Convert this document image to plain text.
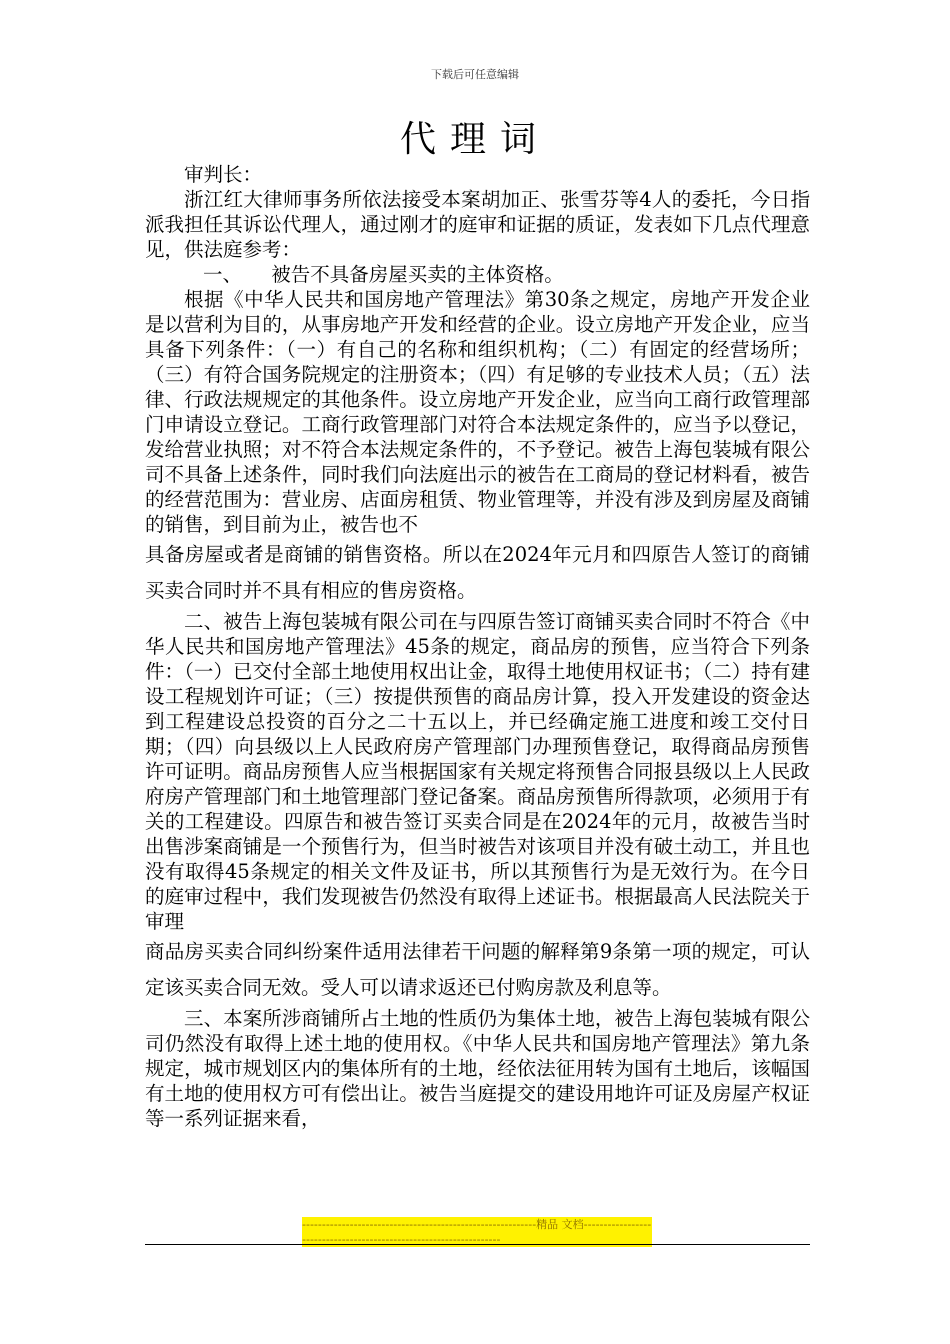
下载后可任意编辑
代理词

审判长：

浙江红大律师事务所依法接受本案胡加正、张雪芬等4人的委托，今日指派我担任其诉讼代理人，通过刚才的庭审和证据的质证，发表如下几点代理意见，供法庭参考：

一、　　被告不具备房屋买卖的主体资格。

根据《中华人民共和国房地产管理法》第30条之规定，房地产开发企业是以营利为目的，从事房地产开发和经营的企业。设立房地产开发企业，应当具备下列条件：（一）有自己的名称和组织机构；（二）有固定的经营场所；（三）有符合国务院规定的注册资本；（四）有足够的专业技术人员；（五）法律、行政法规规定的其他条件。设立房地产开发企业，应当向工商行政管理部门申请设立登记。工商行政管理部门对符合本法规定条件的，应当予以登记，发给营业执照；对不符合本法规定条件的，不予登记。被告上海包装城有限公司不具备上述条件，同时我们向法庭出示的被告在工商局的登记材料看，被告的经营范围为：营业房、店面房租赁、物业管理等，并没有涉及到房屋及商铺的销售，到目前为止，被告也不

具备房屋或者是商铺的销售资格。所以在2024年元月和四原告人签订的商铺买卖合同时并不具有相应的售房资格。

二、被告上海包装城有限公司在与四原告签订商铺买卖合同时不符合《中华人民共和国房地产管理法》45条的规定，商品房的预售，应当符合下列条件：（一）已交付全部土地使用权出让金，取得土地使用权证书；（二）持有建设工程规划许可证；（三）按提供预售的商品房计算，投入开发建设的资金达到工程建设总投资的百分之二十五以上，并已经确定施工进度和竣工交付日期；（四）向县级以上人民政府房产管理部门办理预售登记，取得商品房预售许可证明。商品房预售人应当根据国家有关规定将预售合同报县级以上人民政府房产管理部门和土地管理部门登记备案。商品房预售所得款项，必须用于有关的工程建设。四原告和被告签订买卖合同是在2024年的元月，故被告当时出售涉案商铺是一个预售行为，但当时被告对该项目并没有破土动工，并且也没有取得45条规定的相关文件及证书，所以其预售行为是无效行为。在今日的庭审过程中，我们发现被告仍然没有取得上述证书。根据最高人民法院关于审理

商品房买卖合同纠纷案件适用法律若干问题的解释第9条第一项的规定，可认定该买卖合同无效。受人可以请求返还已付购房款及利息等。

三、本案所涉商铺所占土地的性质仍为集体土地，被告上海包装城有限公司仍然没有取得上述土地的使用权。《中华人民共和国房地产管理法》第九条规定，城市规划区内的集体所有的土地，经依法征用转为国有土地后，该幅国有土地的使用权方可有偿出让。被告当庭提交的建设用地许可证及房屋产权证等一系列证据来看，

-----------------------------------------------------------精品 文档-------------------------------------------------------------------
